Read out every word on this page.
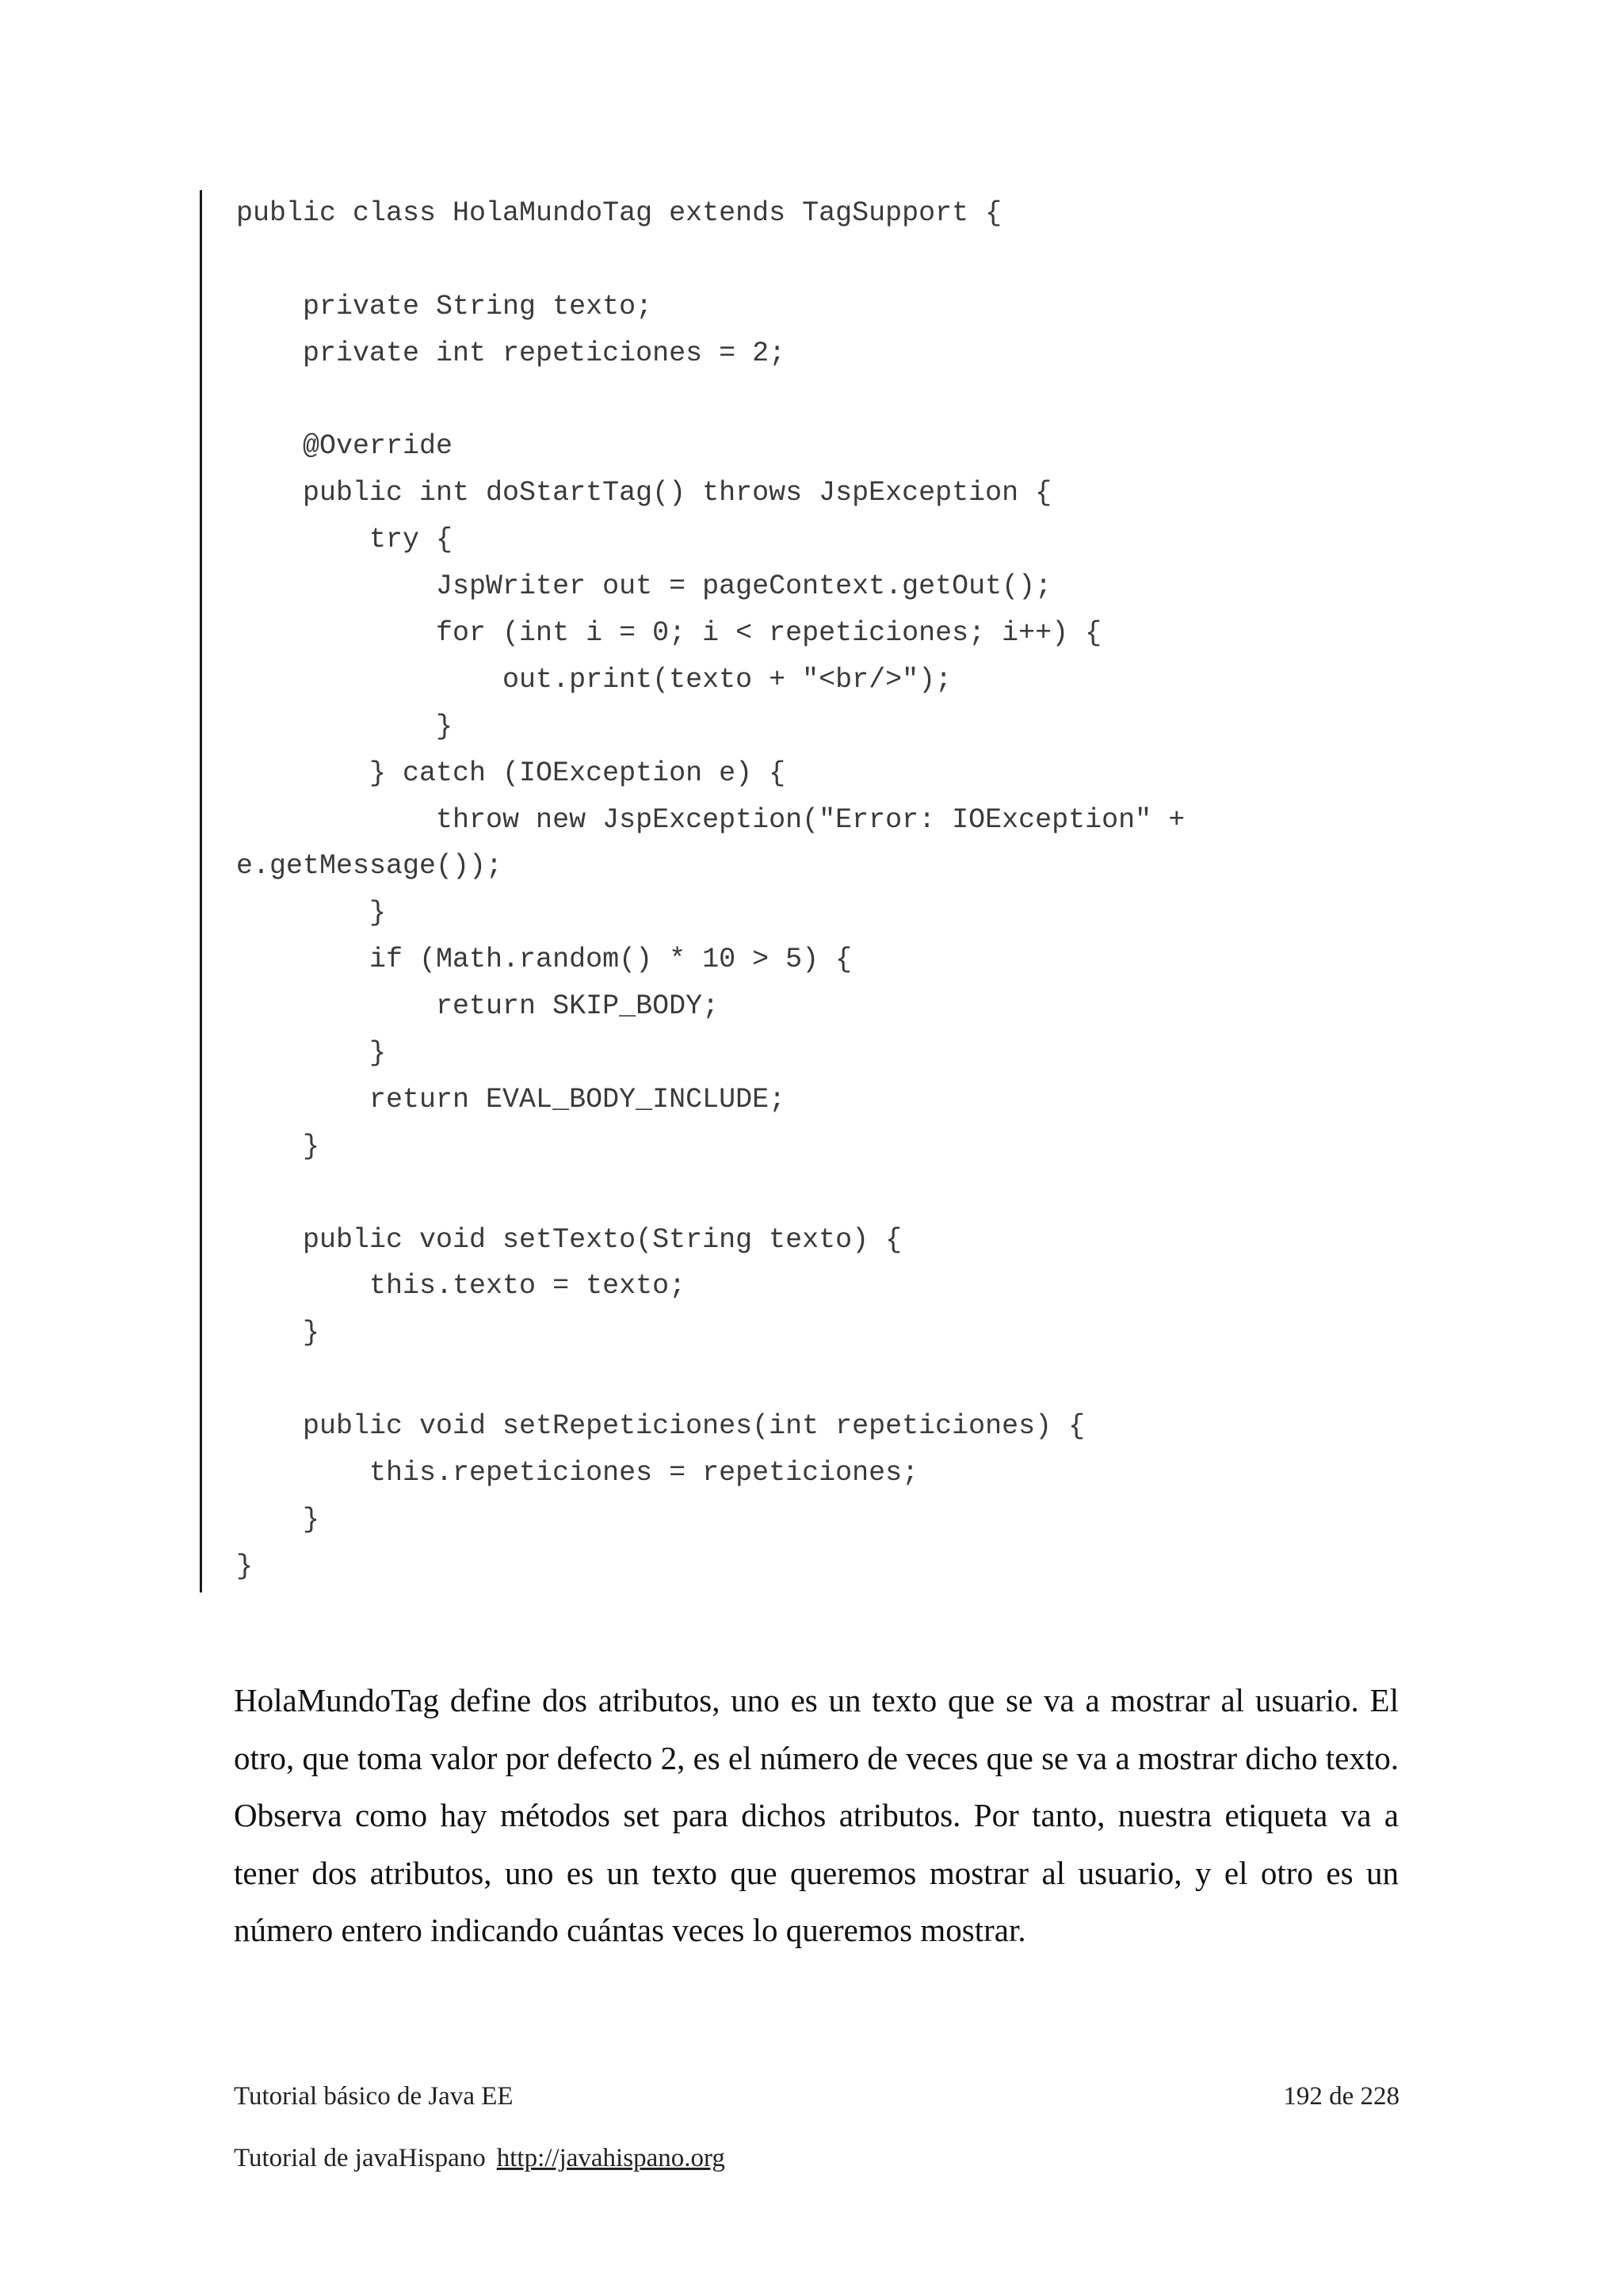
public class HolaMundoTag extends TagSupport {

private String texto;
private int repeticiones = 2;

@Override
public int doStartTag() throws JspException {
try {
JspWriter out = pageContext.getOut();
for (int i = 0; i < repeticiones; i++) {
out.print(texto + "<br/>");
}
} catch (IOException e) {
throw new JspException("Error: IOException" +
e.getMessage());
}
if (Math.random() * 10 > 5) {
return SKIP_BODY;
}
return EVAL_BODY_INCLUDE;
}

public void setTexto(String texto) {
this.texto = texto;
}

public void setRepeticiones(int repeticiones) {
this.repeticiones = repeticiones;
}
}

HolaMundoTag define dos atributos, uno es un texto que se va a mostrar al usuario. El otro, que toma valor por defecto 2, es el número de veces que se va a mostrar dicho texto. Observa como hay métodos set para dichos atributos. Por tanto, nuestra etiqueta va a tener dos atributos, uno es un texto que queremos mostrar al usuario, y el otro es un número entero indicando cuántas veces lo queremos mostrar.

Tutorial básico de Java EE	192 de 228
Tutorial de javaHispano http://javahispano.org
